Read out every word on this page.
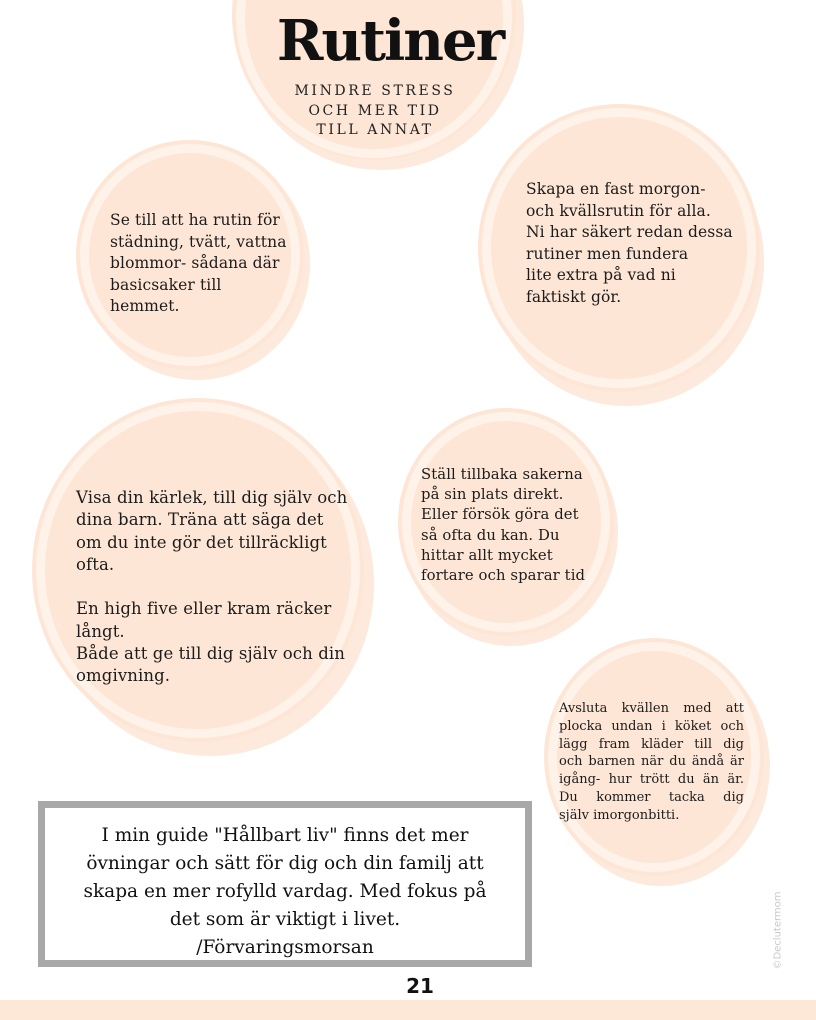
Rutiner
MINDRE STRESS
OCH MER TID
TILL ANNAT
Se till att ha rutin för
städning, tvätt, vattna
blommor- sådana där
basicsaker till
hemmet.
Skapa en fast morgon-
och kvällsrutin för alla.
Ni har säkert redan dessa
rutiner men fundera
lite extra på vad ni
faktiskt gör.
Visa din kärlek, till dig själv och
dina barn. Träna att säga det
om du inte gör det tillräckligt
ofta.
En high five eller kram räcker
långt.
Både att ge till dig själv och din
omgivning.
Ställ tillbaka sakerna
på sin plats direkt.
Eller försök göra det
så ofta du kan. Du
hittar allt mycket
fortare och sparar tid
Avsluta kvällen med att
plocka undan i köket och
lägg fram kläder till dig
och barnen när du ändå är
igång- hur trött du än är.
Du kommer tacka dig
själv imorgonbitti.
I min guide "Hållbart liv" finns det mer
övningar och sätt för dig och din familj att
skapa en mer rofylld vardag. Med fokus på
det som är viktigt i livet.
/Förvaringsmorsan	©Declutermom
21
